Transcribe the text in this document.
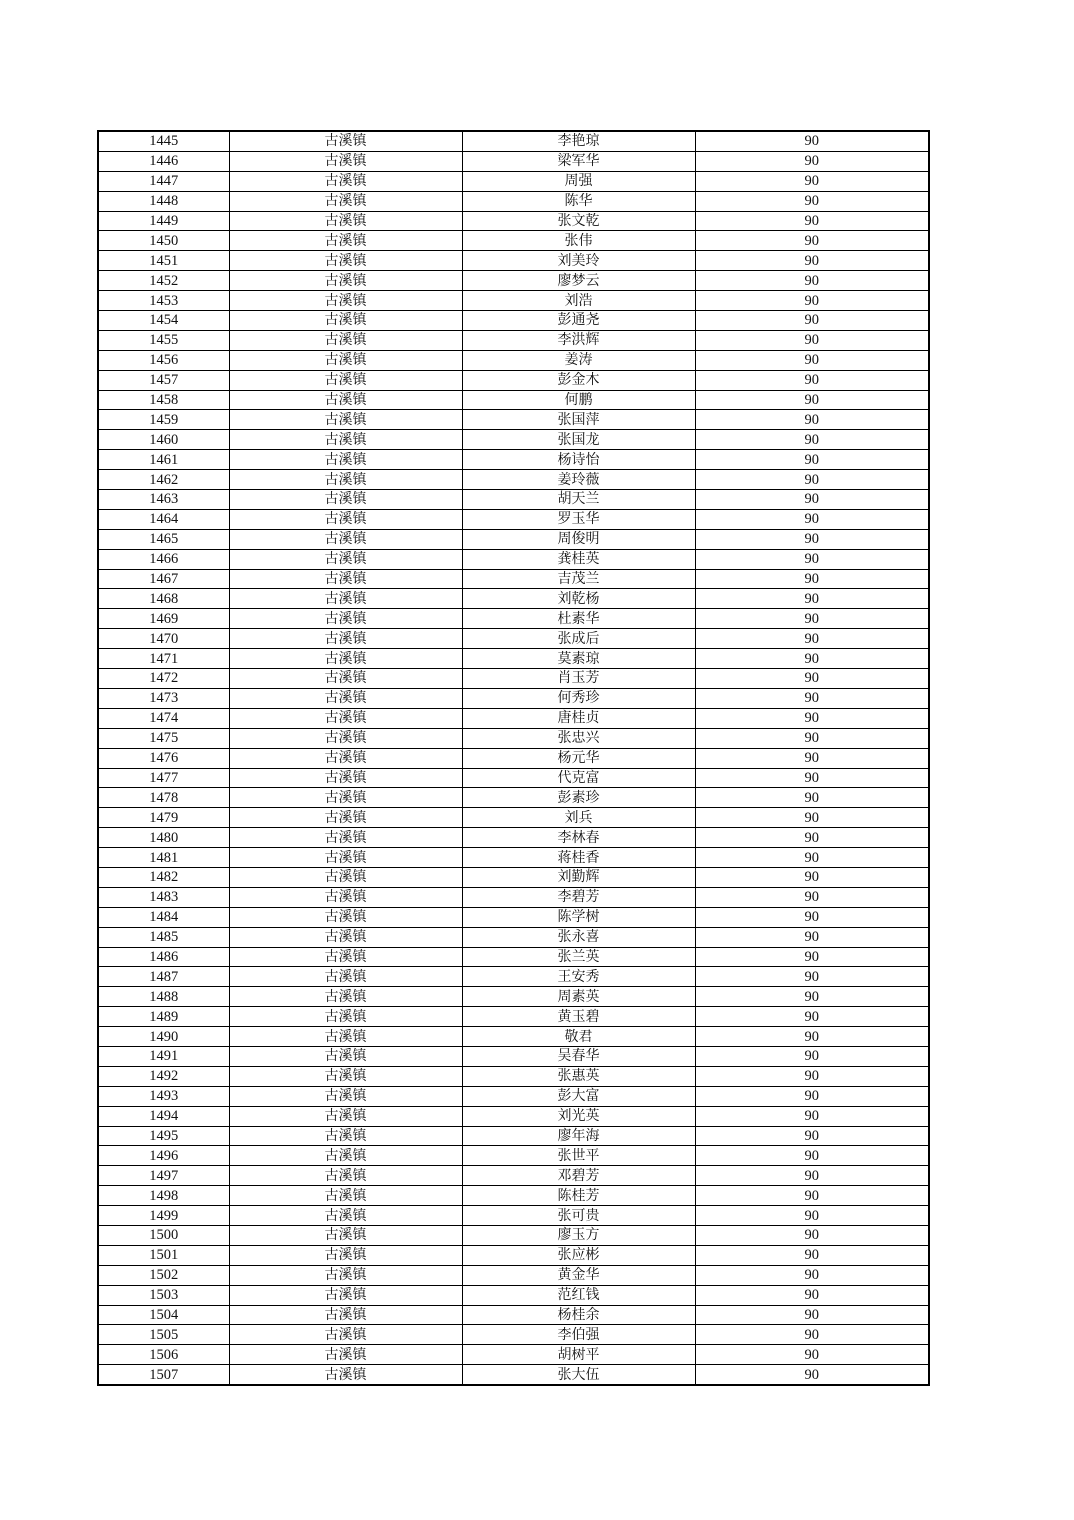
1445	古溪镇	李艳琼	90
1446	古溪镇	梁军华	90
1447	古溪镇	周强	90
1448	古溪镇	陈华	90
1449	古溪镇	张文乾	90
1450	古溪镇	张伟	90
1451	古溪镇	刘美玲	90
1452	古溪镇	廖梦云	90
1453	古溪镇	刘浩	90
1454	古溪镇	彭通尧	90
1455	古溪镇	李洪辉	90
1456	古溪镇	姜涛	90
1457	古溪镇	彭金木	90
1458	古溪镇	何鹏	90
1459	古溪镇	张国萍	90
1460	古溪镇	张国龙	90
1461	古溪镇	杨诗怡	90
1462	古溪镇	姜玲薇	90
1463	古溪镇	胡天兰	90
1464	古溪镇	罗玉华	90
1465	古溪镇	周俊明	90
1466	古溪镇	龚桂英	90
1467	古溪镇	吉茂兰	90
1468	古溪镇	刘乾杨	90
1469	古溪镇	杜素华	90
1470	古溪镇	张成后	90
1471	古溪镇	莫素琼	90
1472	古溪镇	肖玉芳	90
1473	古溪镇	何秀珍	90
1474	古溪镇	唐桂贞	90
1475	古溪镇	张忠兴	90
1476	古溪镇	杨元华	90
1477	古溪镇	代克富	90
1478	古溪镇	彭素珍	90
1479	古溪镇	刘兵	90
1480	古溪镇	李林春	90
1481	古溪镇	蒋桂香	90
1482	古溪镇	刘勤辉	90
1483	古溪镇	李碧芳	90
1484	古溪镇	陈学树	90
1485	古溪镇	张永喜	90
1486	古溪镇	张兰英	90
1487	古溪镇	王安秀	90
1488	古溪镇	周素英	90
1489	古溪镇	黄玉碧	90
1490	古溪镇	敬君	90
1491	古溪镇	吴春华	90
1492	古溪镇	张惠英	90
1493	古溪镇	彭大富	90
1494	古溪镇	刘光英	90
1495	古溪镇	廖年海	90
1496	古溪镇	张世平	90
1497	古溪镇	邓碧芳	90
1498	古溪镇	陈桂芳	90
1499	古溪镇	张可贵	90
1500	古溪镇	廖玉方	90
1501	古溪镇	张应彬	90
1502	古溪镇	黄金华	90
1503	古溪镇	范红钱	90
1504	古溪镇	杨桂余	90
1505	古溪镇	李伯强	90
1506	古溪镇	胡树平	90
1507	古溪镇	张大伍	90
